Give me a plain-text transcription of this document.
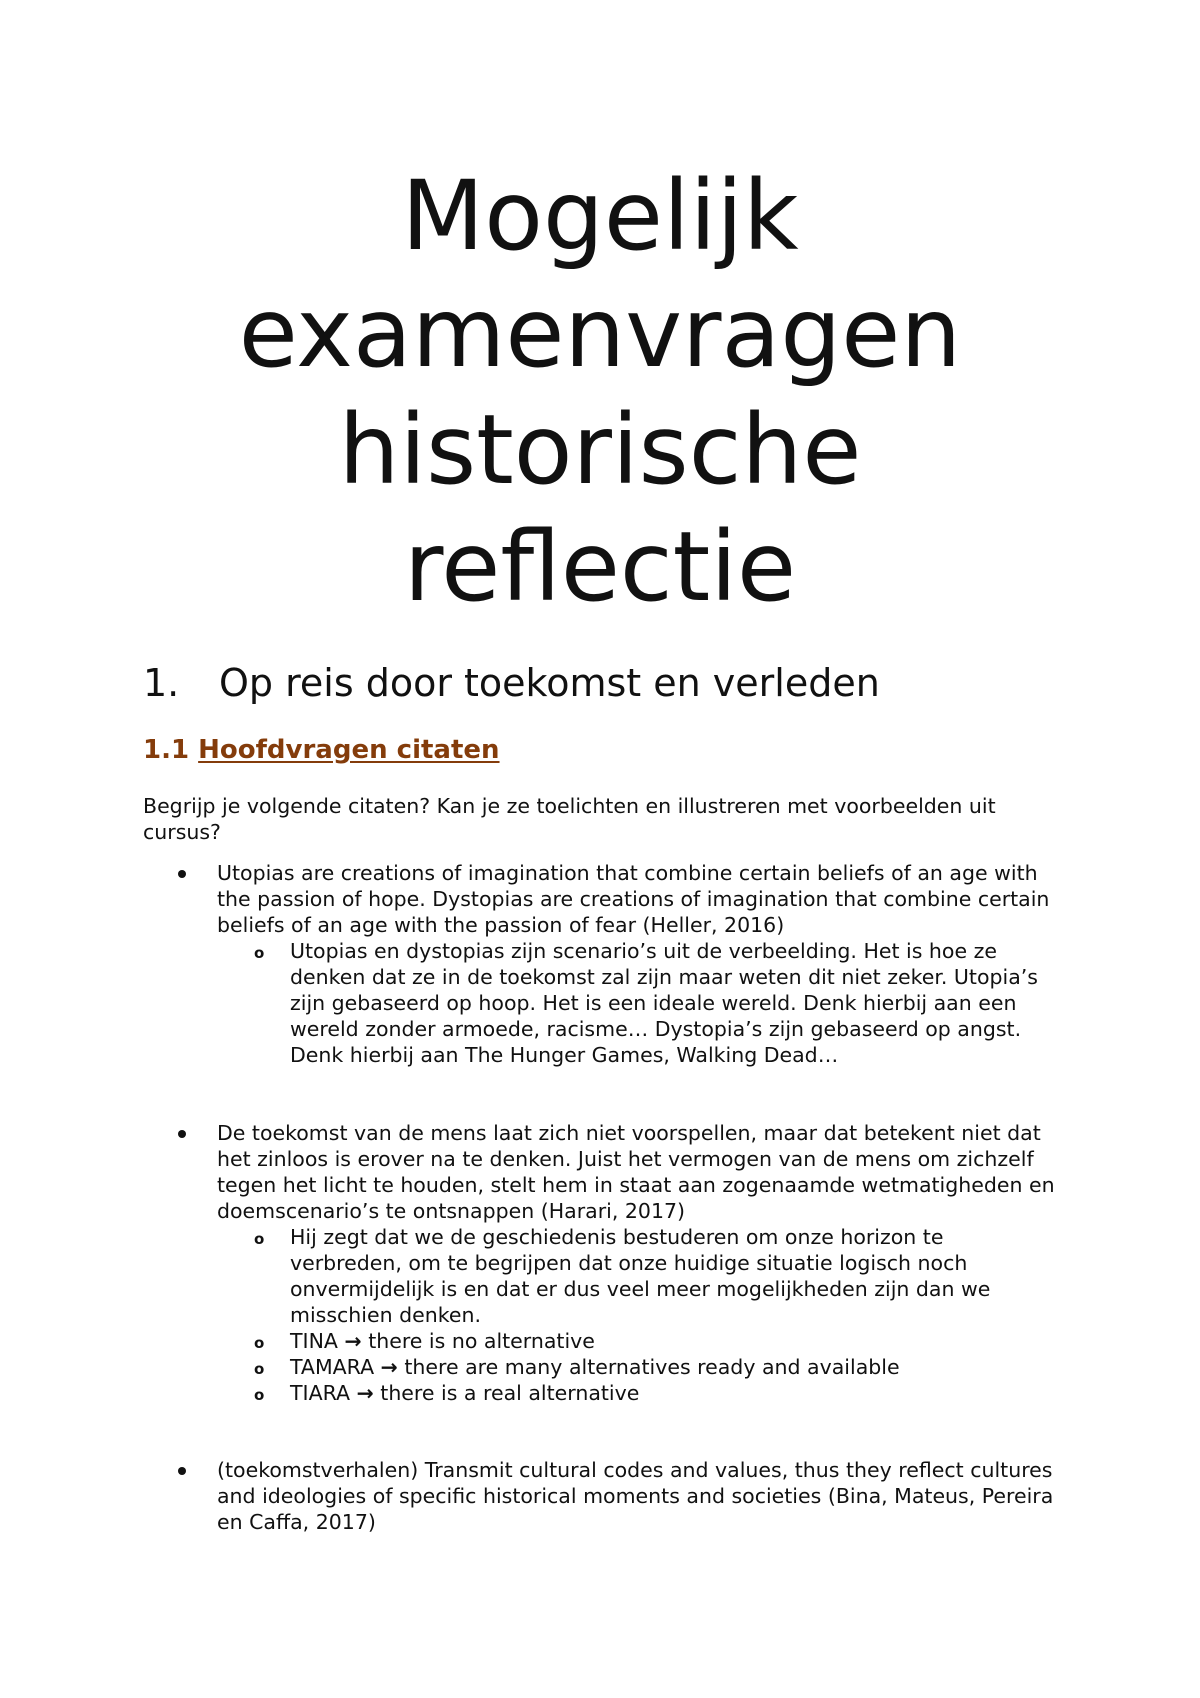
Mogelijk
examenvragen
historische
reflectie
1. Op reis door toekomst en verleden
1.1 Hoofdvragen citaten

Begrijp je volgende citaten? Kan je ze toelichten en illustreren met voorbeelden uit cursus?

Utopias are creations of imagination that combine certain beliefs of an age with the passion of hope. Dystopias are creations of imagination that combine certain beliefs of an age with the passion of fear (Heller, 2016)
o Utopias en dystopias zijn scenario’s uit de verbeelding. Het is hoe ze denken dat ze in de toekomst zal zijn maar weten dit niet zeker. Utopia’s zijn gebaseerd op hoop. Het is een ideale wereld. Denk hierbij aan een wereld zonder armoede, racisme… Dystopia’s zijn gebaseerd op angst. Denk hierbij aan The Hunger Games, Walking Dead…
De toekomst van de mens laat zich niet voorspellen, maar dat betekent niet dat het zinloos is erover na te denken. Juist het vermogen van de mens om zichzelf tegen het licht te houden, stelt hem in staat aan zogenaamde wetmatigheden en doemscenario’s te ontsnappen (Harari, 2017)
o Hij zegt dat we de geschiedenis bestuderen om onze horizon te verbreden, om te begrijpen dat onze huidige situatie logisch noch onvermijdelijk is en dat er dus veel meer mogelijkheden zijn dan we misschien denken.
o TINA → there is no alternative
o TAMARA → there are many alternatives ready and available
o TIARA → there is a real alternative
(toekomstverhalen) Transmit cultural codes and values, thus they reflect cultures and ideologies of specific historical moments and societies (Bina, Mateus, Pereira en Caffa, 2017)
